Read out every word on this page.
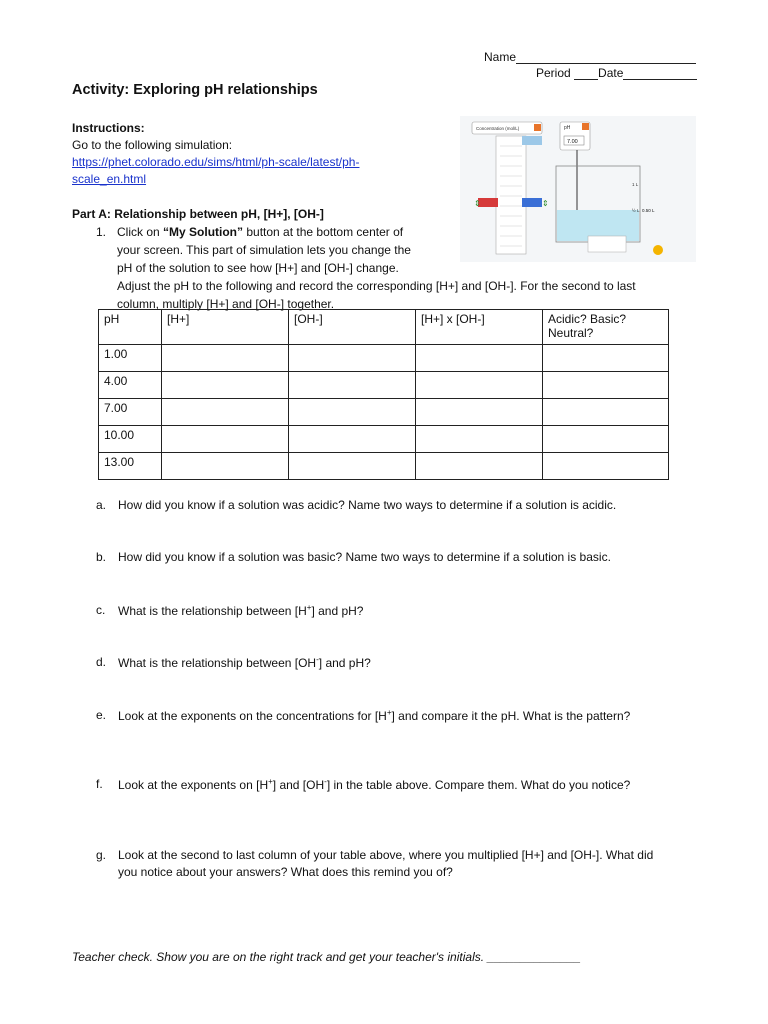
Name
Period Date
Activity: Exploring pH relationships
Instructions:
Go to the following simulation:
https://phet.colorado.edu/sims/html/ph-scale/latest/ph-
scale_en.html
Part A: Relationship between pH, [H+], [OH-]
1. Click on “My Solution” button at the bottom center of
your screen. This part of simulation lets you change the
pH of the solution to see how [H+] and [OH-] change.
Adjust the pH to the following and record the corresponding [H+] and [OH-]. For the second to last
column, multiply [H+] and [OH-] together.
Concentration (mol/L)
⇕	⇕
pH
7.00
1 L
½ L 0.50 L
pH	[H+]	[OH-]	[H+] x [OH-]	Acidic? Basic? Neutral?
1.00				
4.00				
7.00				
10.00				
13.00				
a. How did you know if a solution was acidic? Name two ways to determine if a solution is acidic.
b. How did you know if a solution was basic? Name two ways to determine if a solution is basic.
c. What is the relationship between [H+] and pH?
d. What is the relationship between [OH-] and pH?
e. Look at the exponents on the concentrations for [H+] and compare it the pH. What is the pattern?
f. Look at the exponents on [H+] and [OH-] in the table above. Compare them. What do you notice?
g. Look at the second to last column of your table above, where you multiplied [H+] and [OH-]. What did
you notice about your answers? What does this remind you of?
Teacher check. Show you are on the right track and get your teacher's initials. ______________
